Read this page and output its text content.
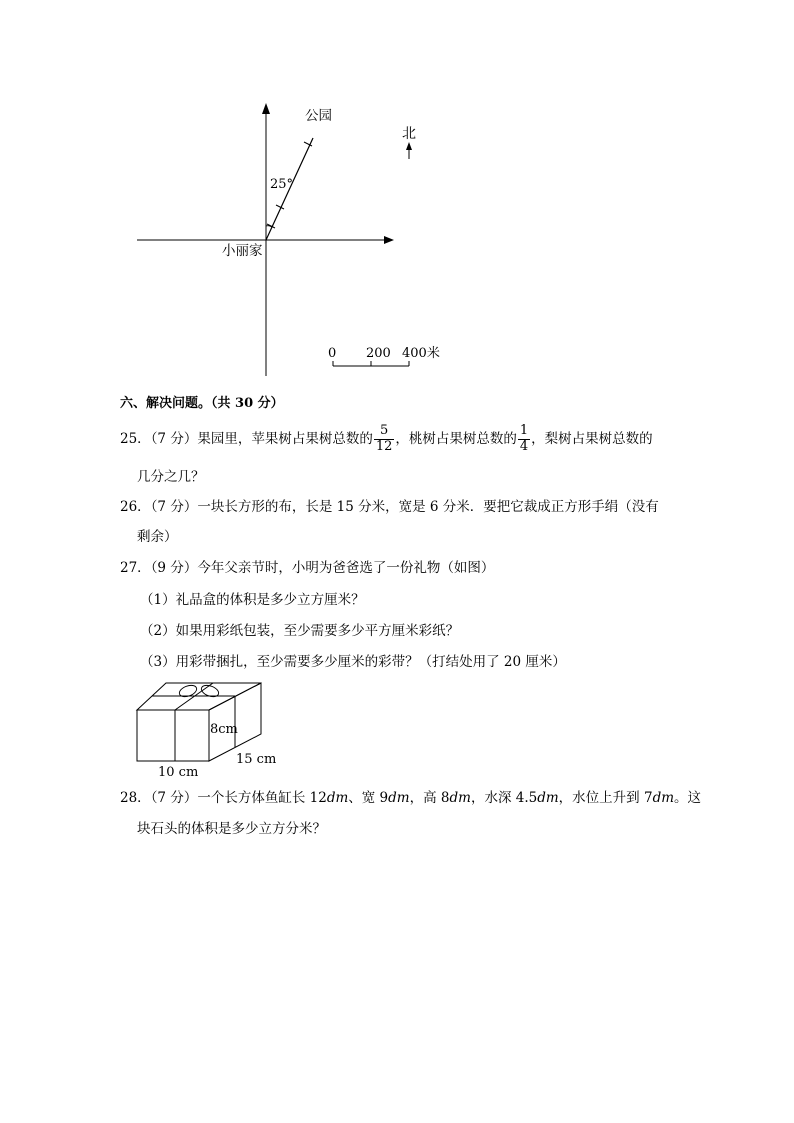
公园
北
25°
小丽家
0 200 400米
六、解决问题。（共 30 分）
25．（7 分）果园里，苹果树占果树总数的 $\frac{5}{12}$ ，桃树占果树总数的 $\frac{1}{4}$ ，梨树占果树总数的
几分之几？
26．（7 分）一块长方形的布，长是 15 分米，宽是 6 分米．要把它裁成正方形手绢（没有
剩余）
27．（9 分）今年父亲节时，小明为爸爸选了一份礼物（如图）
（1）礼品盒的体积是多少立方厘米？
（2）如果用彩纸包装，至少需要多少平方厘米彩纸？
（3）用彩带捆扎，至少需要多少厘米的彩带？（打结处用了 20 厘米）
8cm
15 cm
10 cm
28．（7 分）一个长方体鱼缸长 12dm、宽 9dm，高 8dm，水深 4.5dm，水位上升到 7dm。这
块石头的体积是多少立方分米？
